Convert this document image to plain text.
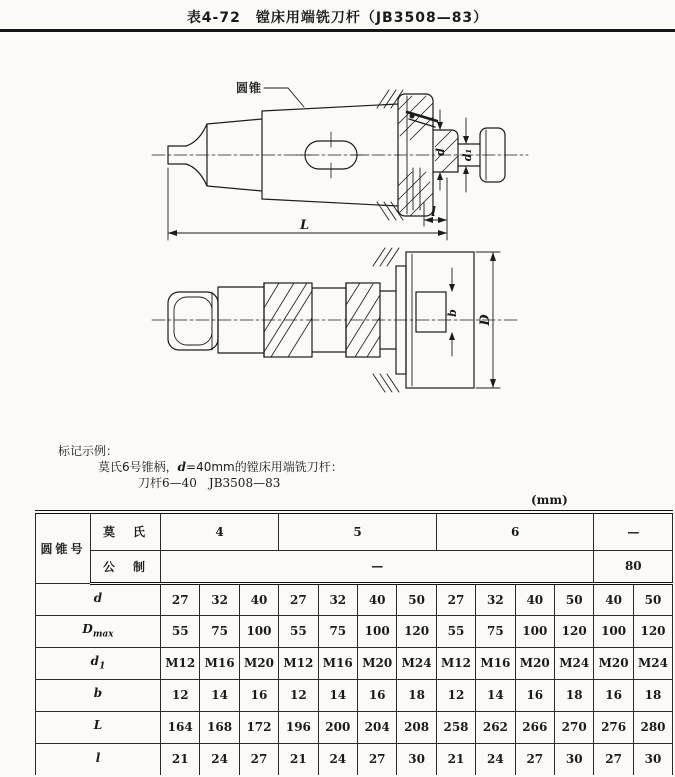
表4-72　镗床用端铣刀杆（JB3508—83）
圆锥
L
l
d d₁
b
D
标记示例：
莫氏6号锥柄，d=40mm的镗床用端铣刀杆：
刀杆6—40　JB3508—83
(mm)
圆锥号	莫　氏	4			5				6				—	
	公　制	—											80	
d		27	32	40	27	32	40	50	27	32	40	50	40	50
$D_{max}$		55	75	100	55	75	100	120	55	75	100	120	100	120
$d_1$		M12	M16	M20	M12	M16	M20	M24	M12	M16	M20	M24	M20	M24
b		12	14	16	12	14	16	18	12	14	16	18	16	18
L		164	168	172	196	200	204	208	258	262	266	270	276	280
l		21	24	27	21	24	27	30	21	24	27	30	27	30
